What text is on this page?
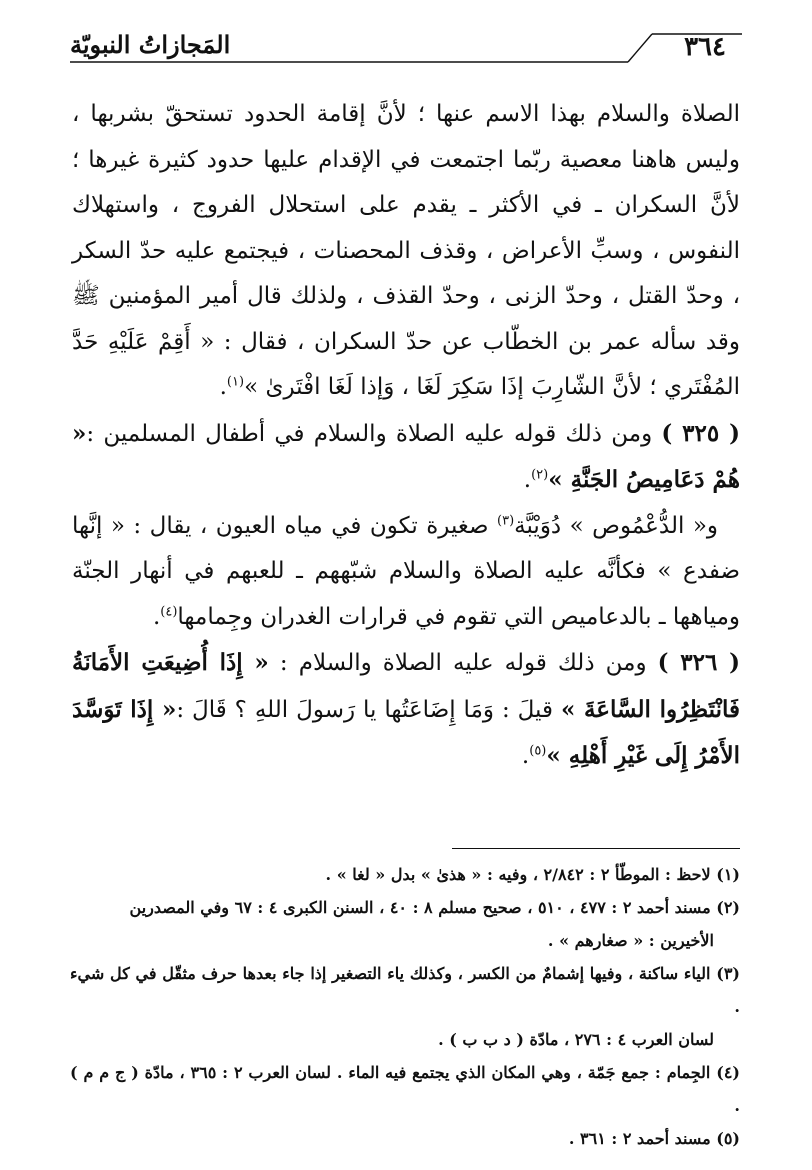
٣٦٤
المَجازاتُ النبويّة

الصلاة والسلام بهذا الاسم عنها ؛ لأنَّ إقامة الحدود تستحقّ بشربها ، وليس هاهنا معصية ربّما اجتمعت في الإقدام عليها حدود كثيرة غيرها ؛ لأنَّ السكران ـ في الأكثر ـ يقدم على استحلال الفروج ، واستهلاك النفوس ، وسبِّ الأعراض ، وقذف المحصنات ، فيجتمع عليه حدّ السكر ، وحدّ القتل ، وحدّ الزنى ، وحدّ القذف ، ولذلك قال أمير المؤمنين ﷺ وقد سأله عمر بن الخطّاب عن حدّ السكران ، فقال : « أَقِمْ عَلَيْهِ حَدَّ المُفْتَري ؛ لأنَّ الشّارِبَ إذَا سَكِرَ لَغَا ، وَإذا لَغَا افْتَرىٰ »$^{(١)}$.

( ٣٢٥ ) ومن ذلك قوله عليه الصلاة والسلام في أطفال المسلمين :« هُمْ دَعَامِيصُ الجَنَّةِ »$^{(٢)}$.

و« الدُّعْمُوص » دُوَيْبَّة$^{(٣)}$ صغيرة تكون في مياه العيون ، يقال : « إنَّها ضفدع » فكأنَّه عليه الصلاة والسلام شبّههم ـ للعبهم في أنهار الجنّة ومياهها ـ بالدعاميص التي تقوم في قرارات الغدران وجِمامها$^{(٤)}$.

( ٣٢٦ ) ومن ذلك قوله عليه الصلاة والسلام : « إِذَا أُضِيعَتِ الأَمَانَةُ فَانْتَظِرُوا السَّاعَةَ » قيلَ : وَمَا إِضَاعَتُها يا رَسولَ اللهِ ؟ قَالَ :« إِذَا تَوَسَّدَ الأَمْرُ إِلَى غَيْرِ أَهْلِهِ »$^{(٥)}$.

(١) لاحظ : الموطّأ ٢ : ٢/٨٤٢ ، وفيه : « هذىٰ » بدل « لغا » .

(٢) مسند أحمد ٢ : ٤٧٧ ، ٥١٠ ، صحيح مسلم ٨ : ٤٠ ، السنن الكبرى ٤ : ٦٧ وفي المصدرين

الأخيرين : « صغارهم » .

(٣) الياء ساكنة ، وفيها إشمامٌ من الكسر ، وكذلك ياء التصغير إذا جاء بعدها حرف مثقّل في كل شيء .

لسان العرب ٤ : ٢٧٦ ، مادّة ( د ب ب ) .

(٤) الجِمام : جمع جَمّة ، وهي المكان الذي يجتمع فيه الماء . لسان العرب ٢ : ٣٦٥ ، مادّة ( ج م م ) .

(٥) مسند أحمد ٢ : ٣٦١ .
